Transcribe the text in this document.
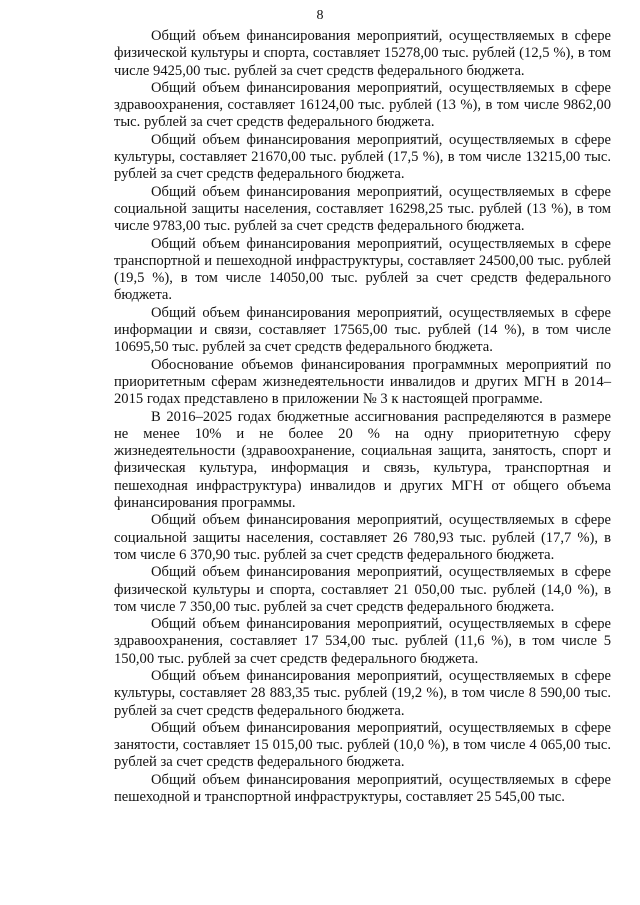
8

Общий объем финансирования мероприятий, осуществляемых в сфере физической культуры и спорта, составляет 15278,00 тыс. рублей (12,5 %), в том числе 9425,00 тыс. рублей за счет средств федерального бюджета.

Общий объем финансирования мероприятий, осуществляемых в сфере здравоохранения, составляет 16124,00 тыс. рублей (13 %), в том числе 9862,00 тыс. рублей за счет средств федерального бюджета.

Общий объем финансирования мероприятий, осуществляемых в сфере культуры, составляет 21670,00 тыс. рублей (17,5 %), в том числе 13215,00 тыс. рублей за счет средств федерального бюджета.

Общий объем финансирования мероприятий, осуществляемых в сфере социальной защиты населения, составляет 16298,25 тыс. рублей (13 %), в том числе 9783,00 тыс. рублей за счет средств федерального бюджета.

Общий объем финансирования мероприятий, осуществляемых в сфере транспортной и пешеходной инфраструктуры, составляет 24500,00 тыс. рублей (19,5 %), в том числе 14050,00 тыс. рублей за счет средств федерального бюджета.

Общий объем финансирования мероприятий, осуществляемых в сфере информации и связи, составляет 17565,00 тыс. рублей (14 %), в том числе 10695,50 тыс. рублей за счет средств федерального бюджета.

Обоснование объемов финансирования программных мероприятий по приоритетным сферам жизнедеятельности инвалидов и других МГН в 2014–2015 годах представлено в приложении № 3 к настоящей программе.

В 2016–2025 годах бюджетные ассигнования распределяются в размере не менее 10% и не более 20 % на одну приоритетную сферу жизнедеятельности (здравоохранение, социальная защита, занятость, спорт и физическая культура, информация и связь, культура, транспортная и пешеходная инфраструктура) инвалидов и других МГН от общего объема финансирования программы.

Общий объем финансирования мероприятий, осуществляемых в сфере социальной защиты населения, составляет 26 780,93 тыс. рублей (17,7 %), в том числе 6 370,90 тыс. рублей за счет средств федерального бюджета.

Общий объем финансирования мероприятий, осуществляемых в сфере физической культуры и спорта, составляет 21 050,00 тыс. рублей (14,0 %), в том числе 7 350,00 тыс. рублей за счет средств федерального бюджета.

Общий объем финансирования мероприятий, осуществляемых в сфере здравоохранения, составляет 17 534,00 тыс. рублей (11,6 %), в том числе 5 150,00 тыс. рублей за счет средств федерального бюджета.

Общий объем финансирования мероприятий, осуществляемых в сфере культуры, составляет 28 883,35 тыс. рублей (19,2 %), в том числе 8 590,00 тыс. рублей за счет средств федерального бюджета.

Общий объем финансирования мероприятий, осуществляемых в сфере занятости, составляет 15 015,00 тыс. рублей (10,0 %), в том числе 4 065,00 тыс. рублей за счет средств федерального бюджета.

Общий объем финансирования мероприятий, осуществляемых в сфере пешеходной и транспортной инфраструктуры, составляет 25 545,00 тыс.
